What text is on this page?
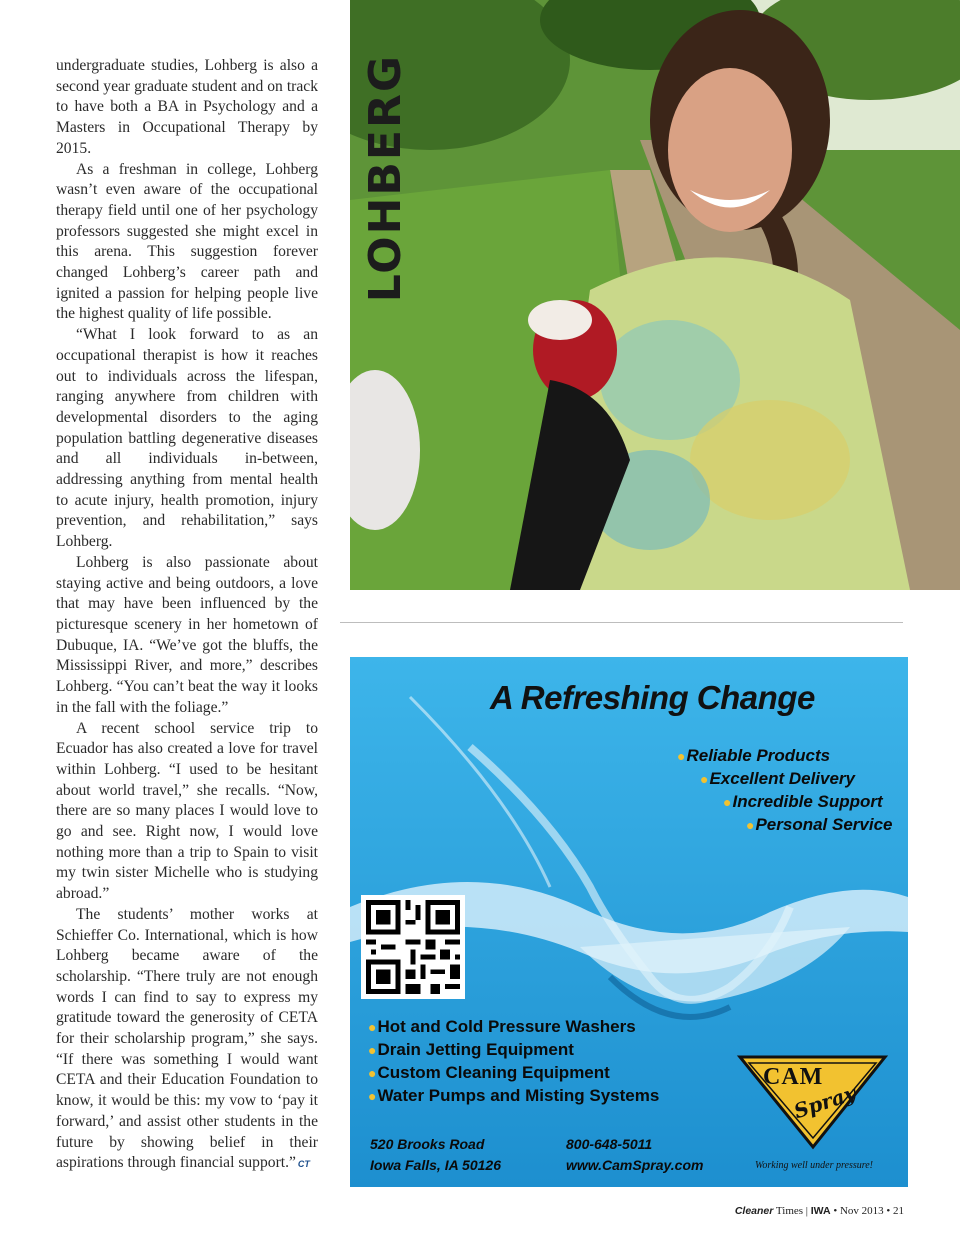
undergraduate studies, Lohberg is also a second year graduate student and on track to have both a BA in Psychology and a Masters in Occupational Therapy by 2015.

As a freshman in college, Lohberg wasn’t even aware of the occupational therapy field until one of her psychology professors suggested she might excel in this arena. This suggestion forever changed Lohberg’s career path and ignited a passion for helping people live the highest quality of life possible.

“What I look forward to as an occupational therapist is how it reaches out to individuals across the lifespan, ranging anywhere from children with developmental disorders to the aging population battling degenerative diseases and all individuals in-between, addressing anything from mental health to acute injury, health promotion, injury prevention, and rehabilitation,” says Lohberg.

Lohberg is also passionate about staying active and being outdoors, a love that may have been influenced by the picturesque scenery in her hometown of Dubuque, IA. “We’ve got the bluffs, the Mississippi River, and more,” describes Lohberg. “You can’t beat the way it looks in the fall with the foliage.”

A recent school service trip to Ecuador has also created a love for travel within Lohberg. “I used to be hesitant about world travel,” she recalls. “Now, there are so many places I would love to go and see. Right now, I would love nothing more than a trip to Spain to visit my twin sister Michelle who is studying abroad.”

The students’ mother works at Schieffer Co. International, which is how Lohberg became aware of the scholarship. “There truly are not enough words I can find to say to express my gratitude toward the generosity of CETA for their scholarship program,” she says. “If there was something I would want CETA and their Education Foundation to know, it would be this: my vow to ‘pay it forward,’ and assist other students in the future by showing belief in their aspirations through financial support.” CT

LOHBERG
A Refreshing Change
●Reliable Products
●Excellent Delivery
●Incredible Support
●Personal Service
●Hot and Cold Pressure Washers
●Drain Jetting Equipment
●Custom Cleaning Equipment
●Water Pumps and Misting Systems
520 Brooks Road
Iowa Falls, IA 50126
800-648-5011
www.CamSpray.com
CAM
Spray
Working well under pressure!
Cleaner Times | IWA • Nov 2013 • 21
